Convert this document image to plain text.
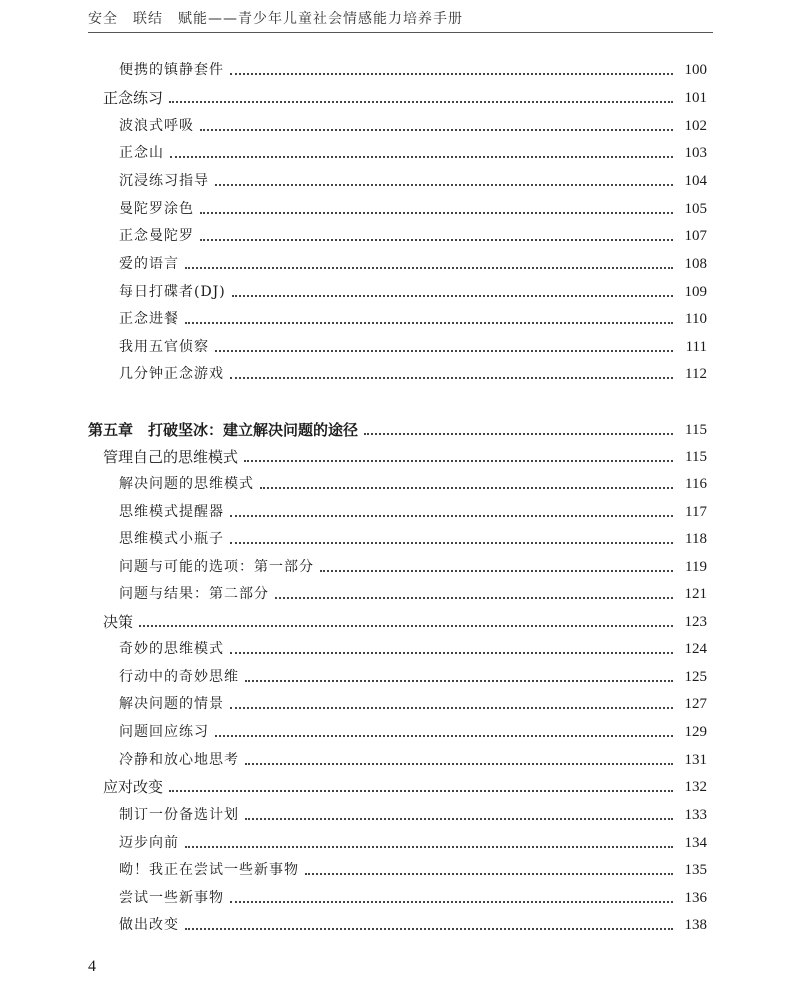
安全　联结　赋能——青少年儿童社会情感能力培养手册
便携的镇静套件	100
正念练习	101
波浪式呼吸	102
正念山	103
沉浸练习指导	104
曼陀罗涂色	105
正念曼陀罗	107
爱的语言	108
每日打碟者(DJ)	109
正念进餐	110
我用五官侦察	111
几分钟正念游戏	112
第五章　打破坚冰：建立解决问题的途径	115
管理自己的思维模式	115
解决问题的思维模式	116
思维模式提醒器	117
思维模式小瓶子	118
问题与可能的选项：第一部分	119
问题与结果：第二部分	121
决策	123
奇妙的思维模式	124
行动中的奇妙思维	125
解决问题的情景	127
问题回应练习	129
冷静和放心地思考	131
应对改变	132
制订一份备选计划	133
迈步向前	134
呦！我正在尝试一些新事物	135
尝试一些新事物	136
做出改变	138
4
